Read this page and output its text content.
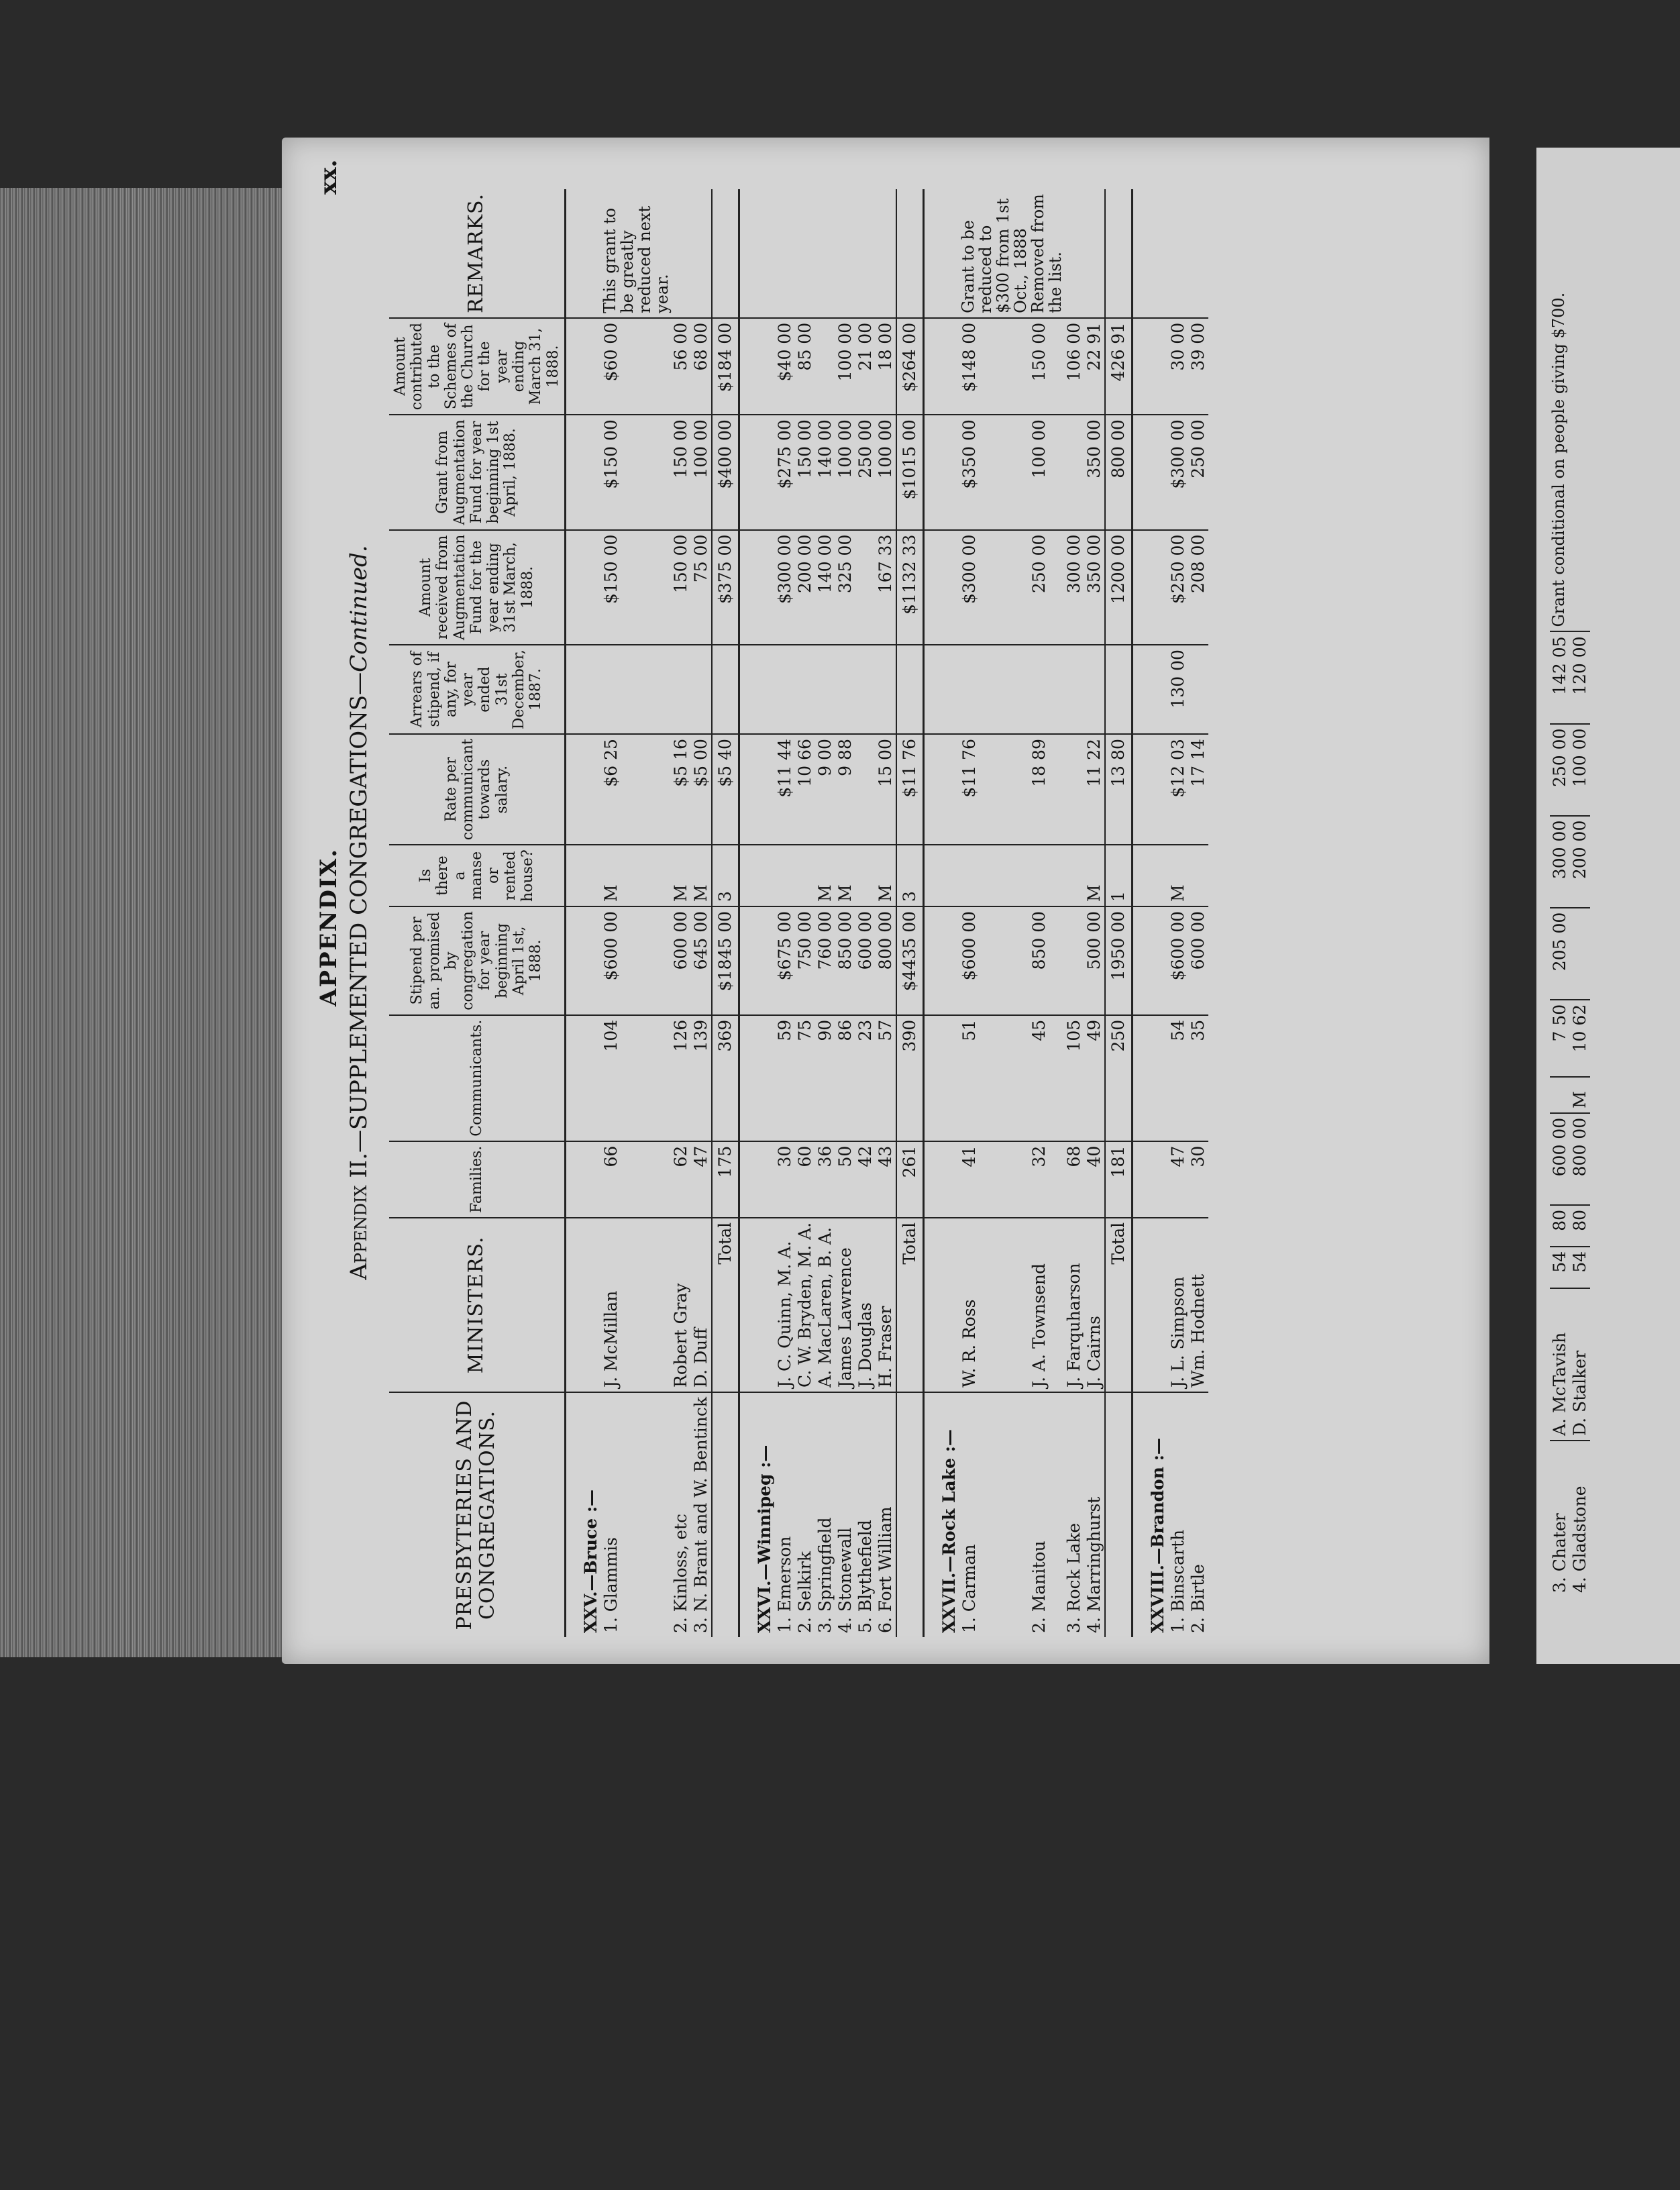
xx.
APPENDIX.
Appendix II.—SUPPLEMENTED CONGREGATIONS—Continued.
PRESBYTERIES AND CONGREGATIONS.	MINISTERS.	Families.	Communicants.	Stipend per an. promised by congregation for year beginning April 1st, 1888.	Is there a manse or rented house?	Rate per communicant towards salary.	Arrears of stipend, if any, for year ended 31st December, 1887.	Amount received from Augmentation Fund for the year ending 31st March, 1888.	Grant from Augmentation Fund for year beginning 1st April, 1888.	Amount contributed to the Schemes of the Church for the year ending March 31, 1888.	REMARKS.
XXV.—Bruce :—											
1. Glammis	J. McMillan	66	104	$600 00	M	$6 25		$150 00	$150 00	$60 00	This grant to be greatly reduced next year.
2. Kinloss, etc	Robert Gray	62	126	600 00	M	$5 16		150 00	150 00	56 00	
3. N. Brant and W. Bentinck	D. Duff	47	139	645 00	M	$5 00		75 00	100 00	68 00	
	Total	175	369	$1845 00	3	$5 40		$375 00	$400 00	$184 00	
XXVI.—Winnipeg :—											
1. Emerson	J. C. Quinn, M. A.	30	59	$675 00		$11 44		$300 00	$275 00	$40 00	
2. Selkirk	C. W. Bryden, M. A.	60	75	750 00		10 66		200 00	150 00	85 00	
3. Springfield	A. MacLaren, B. A.	36	90	760 00	M	9 00		140 00	140 00		
4. Stonewall	James Lawrence	50	86	850 00	M	9 88		325 00	100 00	100 00	
5. Blythefield	J. Douglas	42	23	600 00					250 00	21 00	
6. Fort William	H. Fraser	43	57	800 00	M	15 00		167 33	100 00	18 00	
	Total	261	390	$4435 00	3	$11 76		$1132 33	$1015 00	$264 00	
XXVII.—Rock Lake :—											
1. Carman	W. R. Ross	41	51	$600 00		$11 76		$300 00	$350 00	$148 00	Grant to be reduced to $300 from 1st Oct., 1888
2. Manitou	J. A. Townsend	32	45	850 00		18 89		250 00	100 00	150 00	Removed from the list.
3. Rock Lake	J. Farquharson	68	105					300 00		106 00	
4. Marringhurst	J. Cairns	40	49	500 00	M	11 22		350 00	350 00	22 91	
	Total	181	250	1950 00	1	13 80		1200 00	800 00	426 91	
XXVIII.—Brandon :—											
1. Binscarth	J. L. Simpson	47	54	$600 00	M	$12 03	130 00	$250 00	$300 00	30 00	
2. Birtle	Wm. Hodnett	30	35	600 00		17 14		208 00	250 00	39 00	
3. Chater	A. McTavish	54	80	600 00		7 50	205 00	300 00	250 00	142 05	Grant conditional on people giving $700.
4. Gladstone	D. Stalker	54	80	800 00	M	10 62		200 00	100 00	120 00	
